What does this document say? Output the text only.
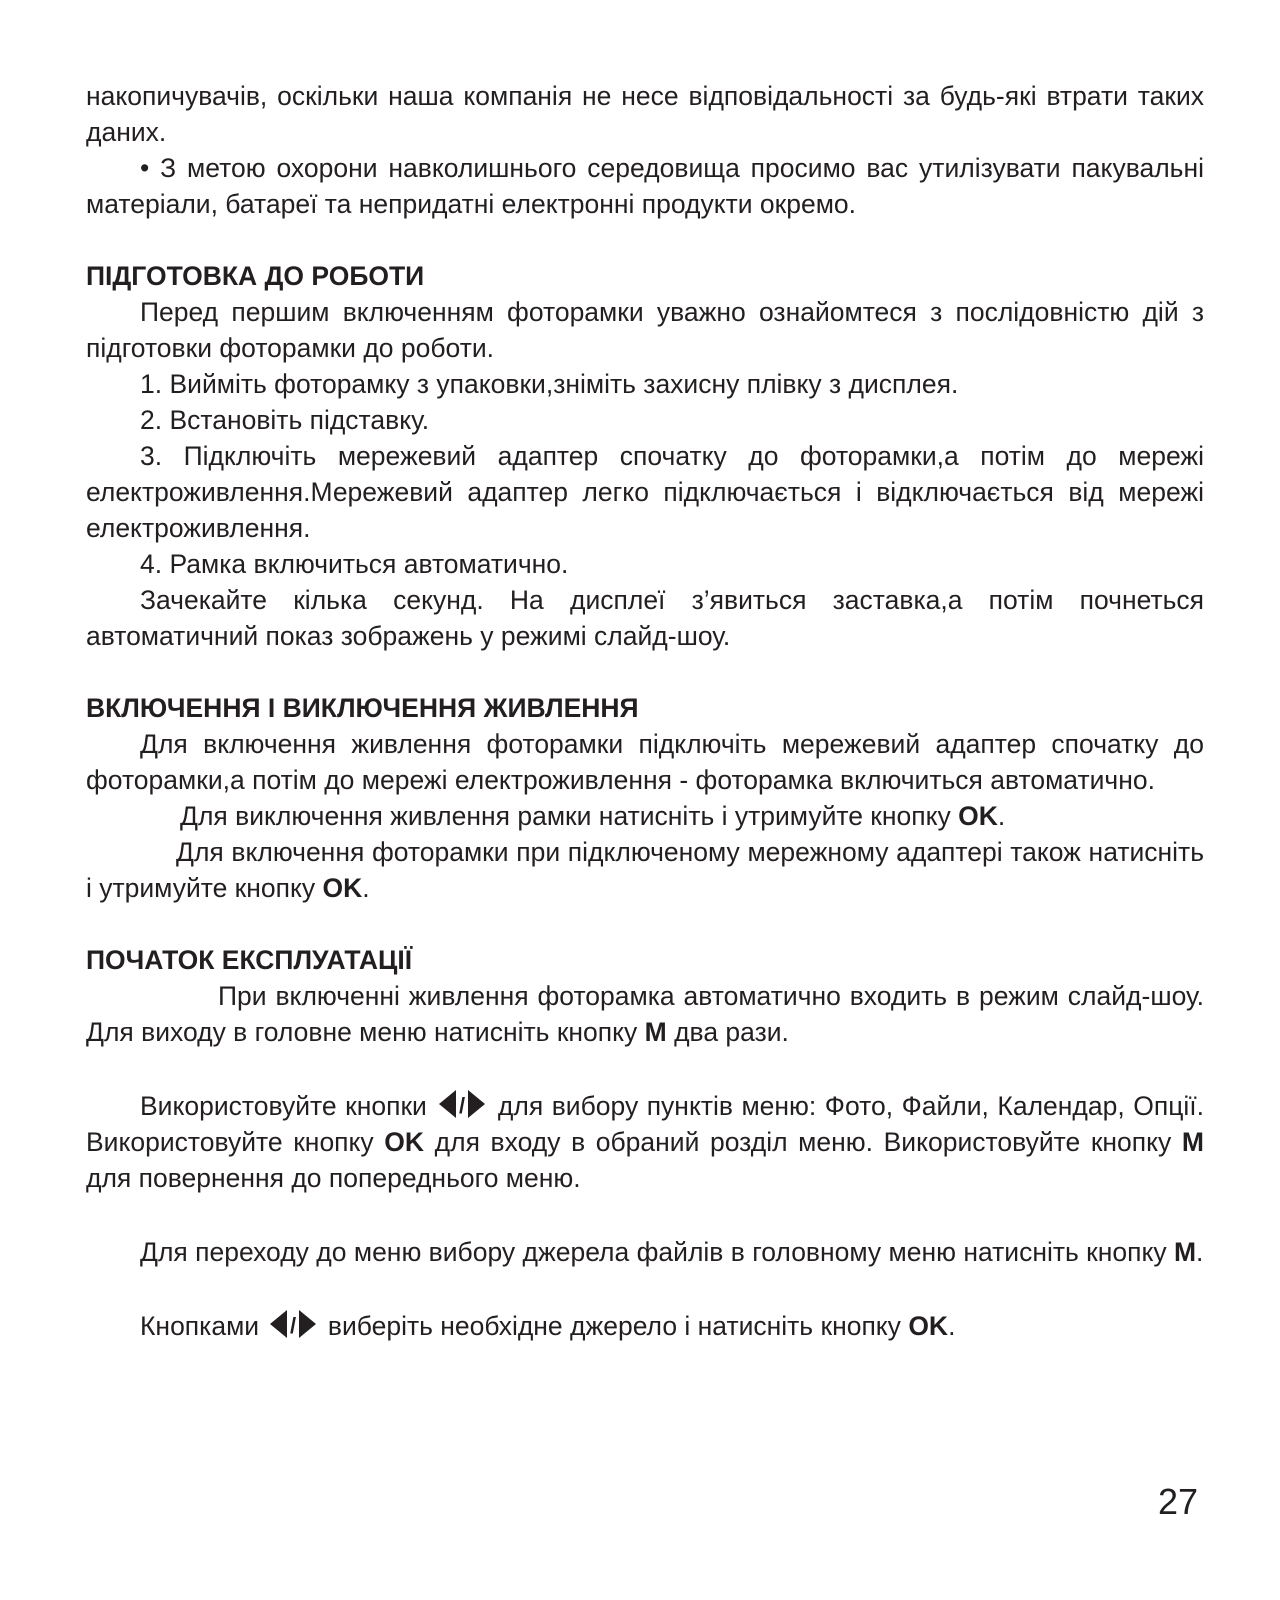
накопичувачів, оскільки наша компанія не несе відповідальності за будь-які втрати таких даних.

• З метою охорони навколишнього середовища просимо вас утилізувати пакувальні матеріали, батареї та непридатні електронні продукти окремо.

ПІДГОТОВКА ДО РОБОТИ

Перед першим включенням фоторамки уважно ознайомтеся з послідовністю дій з підготовки фоторамки до роботи.

1. Вийміть фоторамку з упаковки,зніміть захисну плівку з дисплея.

2. Встановіть підставку.

3. Підключіть мережевий адаптер спочатку до фоторамки,а потім до мережі електроживлення.Мережевий адаптер легко підключається і відключається від мережі електроживлення.

4. Рамка включиться автоматично.

Зачекайте кілька секунд. На дисплеї з’явиться заставка,а потім почнеться автоматичний показ зображень у режимі слайд-шоу.

ВКЛЮЧЕННЯ І ВИКЛЮЧЕННЯ ЖИВЛЕННЯ

Для включення живлення фоторамки підключіть мережевий адаптер спочатку до фоторамки,а потім до мережі електроживлення - фоторамка включиться автоматично.

Для виключення живлення рамки натисніть і утримуйте кнопку OK.

Для включення фоторамки при підключеному мережному адаптері також натисніть і утримуйте кнопку OK.

ПОЧАТОК ЕКСПЛУАТАЦІЇ

При включенні живлення фоторамка автоматично входить в режим слайд-шоу. Для виходу в головне меню натисніть кнопку M два рази.

Використовуйте кнопки / для вибору пунктів меню: Фото, Файли, Календар, Опції. Використовуйте кнопку OK для входу в обраний розділ меню. Використовуйте кнопку M для повернення до попереднього меню.

Для переходу до меню вибору джерела файлів в головному меню натисніть кнопку M.

Кнопками / виберіть необхідне джерело і натисніть кнопку OK.

27
